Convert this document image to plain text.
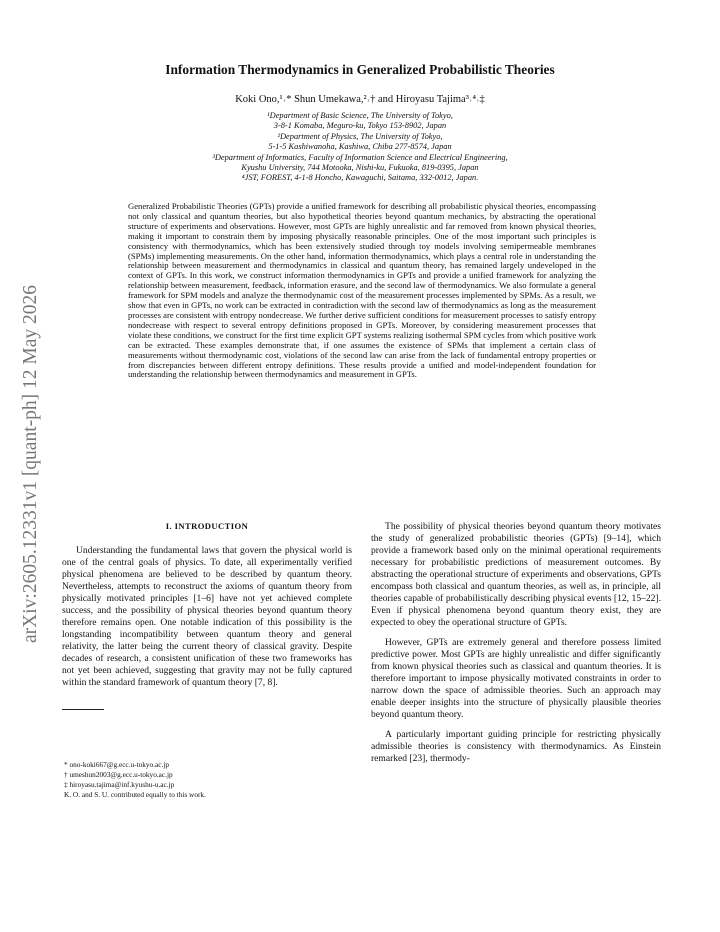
arXiv:2605.12331v1 [quant-ph] 12 May 2026
Information Thermodynamics in Generalized Probabilistic Theories
Koki Ono,¹˒* Shun Umekawa,²˒† and Hiroyasu Tajima³˒⁴˒‡
¹Department of Basic Science, The University of Tokyo,
3-8-1 Komaba, Meguro-ku, Tokyo 153-8902, Japan
²Department of Physics, The University of Tokyo,
5-1-5 Kashiwanoha, Kashiwa, Chiba 277-8574, Japan
³Department of Informatics, Faculty of Information Science and Electrical Engineering,
Kyushu University, 744 Motooka, Nishi-ku, Fukuoka, 819-0395, Japan
⁴JST, FOREST, 4-1-8 Honcho, Kawaguchi, Saitama, 332-0012, Japan.
Generalized Probabilistic Theories (GPTs) provide a unified framework for describing all probabilistic physical theories, encompassing not only classical and quantum theories, but also hypothetical theories beyond quantum mechanics, by abstracting the operational structure of experiments and observations. However, most GPTs are highly unrealistic and far removed from known physical theories, making it important to constrain them by imposing physically reasonable principles. One of the most important such principles is consistency with thermodynamics, which has been extensively studied through toy models involving semipermeable membranes (SPMs) implementing measurements. On the other hand, information thermodynamics, which plays a central role in understanding the relationship between measurement and thermodynamics in classical and quantum theory, has remained largely undeveloped in the context of GPTs. In this work, we construct information thermodynamics in GPTs and provide a unified framework for analyzing the relationship between measurement, feedback, information erasure, and the second law of thermodynamics. We also formulate a general framework for SPM models and analyze the thermodynamic cost of the measurement processes implemented by SPMs. As a result, we show that even in GPTs, no work can be extracted in contradiction with the second law of thermodynamics as long as the measurement processes are consistent with entropy nondecrease. We further derive sufficient conditions for measurement processes to satisfy entropy nondecrease with respect to several entropy definitions proposed in GPTs. Moreover, by considering measurement processes that violate these conditions, we construct for the first time explicit GPT systems realizing isothermal SPM cycles from which positive work can be extracted. These examples demonstrate that, if one assumes the existence of SPMs that implement a certain class of measurements without thermodynamic cost, violations of the second law can arise from the lack of fundamental entropy properties or from discrepancies between different entropy definitions. These results provide a unified and model-independent foundation for understanding the relationship between thermodynamics and measurement in GPTs.
I. INTRODUCTION

Understanding the fundamental laws that govern the physical world is one of the central goals of physics. To date, all experimentally verified physical phenomena are believed to be described by quantum theory. Nevertheless, attempts to reconstruct the axioms of quantum theory from physically motivated principles [1–6] have not yet achieved complete success, and the possibility of physical theories beyond quantum theory therefore remains open. One notable indication of this possibility is the longstanding incompatibility between quantum theory and general relativity, the latter being the current theory of classical gravity. Despite decades of research, a consistent unification of these two frameworks has not yet been achieved, suggesting that gravity may not be fully captured within the standard framework of quantum theory [7, 8].

* ono-koki667@g.ecc.u-tokyo.ac.jp
† umeshun2003@g.ecc.u-tokyo.ac.jp
‡ hiroyasu.tajima@inf.kyushu-u.ac.jp
K. O. and S. U. contributed equally to this work.

The possibility of physical theories beyond quantum theory motivates the study of generalized probabilistic theories (GPTs) [9–14], which provide a framework based only on the minimal operational requirements necessary for probabilistic predictions of measurement outcomes. By abstracting the operational structure of experiments and observations, GPTs encompass both classical and quantum theories, as well as, in principle, all theories capable of probabilistically describing physical events [12, 15–22]. Even if physical phenomena beyond quantum theory exist, they are expected to obey the operational structure of GPTs.

However, GPTs are extremely general and therefore possess limited predictive power. Most GPTs are highly unrealistic and differ significantly from known physical theories such as classical and quantum theories. It is therefore important to impose physically motivated constraints in order to narrow down the space of admissible theories. Such an approach may enable deeper insights into the structure of physically plausible theories beyond quantum theory.

A particularly important guiding principle for restricting physically admissible theories is consistency with thermodynamics. As Einstein remarked [23], thermody-
